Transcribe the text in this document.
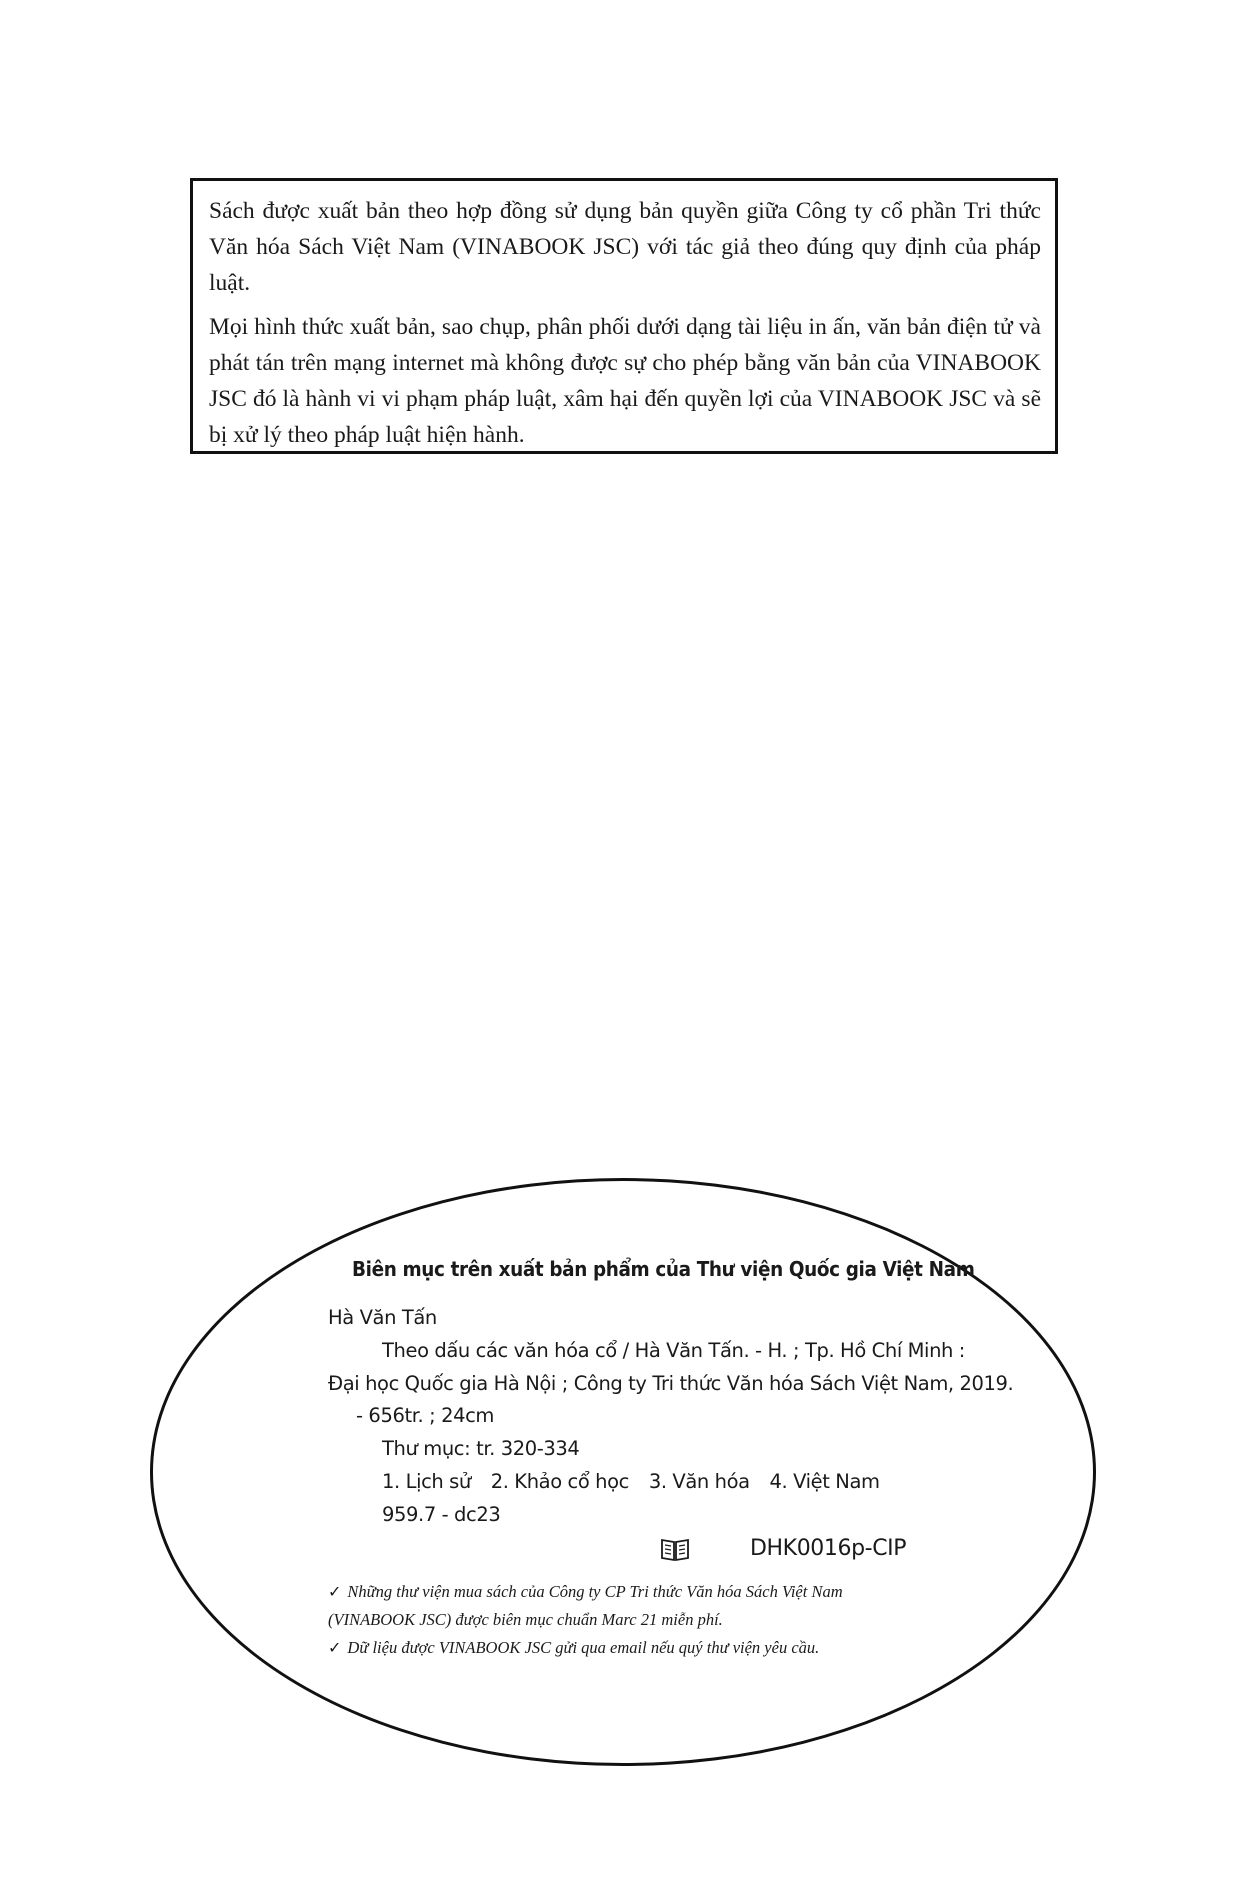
Sách được xuất bản theo hợp đồng sử dụng bản quyền giữa Công ty cổ phần Tri thức Văn hóa Sách Việt Nam (VINABOOK JSC) với tác giả theo đúng quy định của pháp luật.

Mọi hình thức xuất bản, sao chụp, phân phối dưới dạng tài liệu in ấn, văn bản điện tử và phát tán trên mạng internet mà không được sự cho phép bằng văn bản của VINABOOK JSC đó là hành vi vi phạm pháp luật, xâm hại đến quyền lợi của VINABOOK JSC và sẽ bị xử lý theo pháp luật hiện hành.

Biên mục trên xuất bản phẩm của Thư viện Quốc gia Việt Nam
Hà Văn Tấn
Theo dấu các văn hóa cổ / Hà Văn Tấn. - H. ; Tp. Hồ Chí Minh :
Đại học Quốc gia Hà Nội ; Công ty Tri thức Văn hóa Sách Việt Nam, 2019.
- 656tr. ; 24cm
Thư mục: tr. 320-334
1. Lịch sử 2. Khảo cổ học 3. Văn hóa 4. Việt Nam
959.7 - dc23
DHK0016p-CIP

✓ Những thư viện mua sách của Công ty CP Tri thức Văn hóa Sách Việt Nam (VINABOOK JSC) được biên mục chuẩn Marc 21 miễn phí.

✓ Dữ liệu được VINABOOK JSC gửi qua email nếu quý thư viện yêu cầu.
